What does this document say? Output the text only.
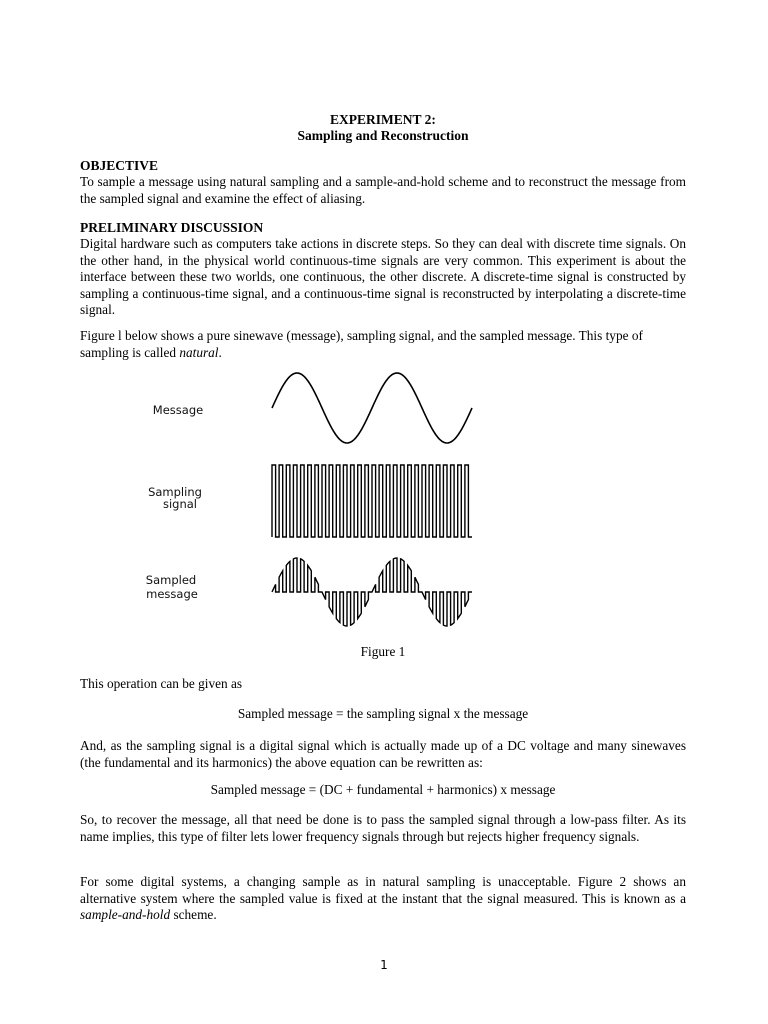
EXPERIMENT 2:
Sampling and Reconstruction
OBJECTIVE

To sample a message using natural sampling and a sample-and-hold scheme and to reconstruct the message from the sampled signal and examine the effect of aliasing.

PRELIMINARY DISCUSSION

Digital hardware such as computers take actions in discrete steps. So they can deal with discrete time signals. On the other hand, in the physical world continuous-time signals are very common. This experiment is about the interface between these two worlds, one continuous, the other discrete. A discrete-time signal is constructed by sampling a continuous-time signal, and a continuous-time signal is reconstructed by interpolating a discrete-time signal.

Figure l below shows a pure sinewave (message), sampling signal, and the sampled message. This type of sampling is called natural.

Figure 1
This operation can be given as
Sampled message = the sampling signal x the message

And, as the sampling signal is a digital signal which is actually made up of a DC voltage and many sinewaves (the fundamental and its harmonics) the above equation can be rewritten as:

Sampled message = (DC + fundamental + harmonics) x message

So, to recover the message, all that need be done is to pass the sampled signal through a low-pass filter. As its name implies, this type of filter lets lower frequency signals through but rejects higher frequency signals.

For some digital systems, a changing sample as in natural sampling is unacceptable. Figure 2 shows an alternative system where the sampled value is fixed at the instant that the signal measured. This is known as a sample-and-hold scheme.

Message
Sampling
signal
Sampled
message
1
